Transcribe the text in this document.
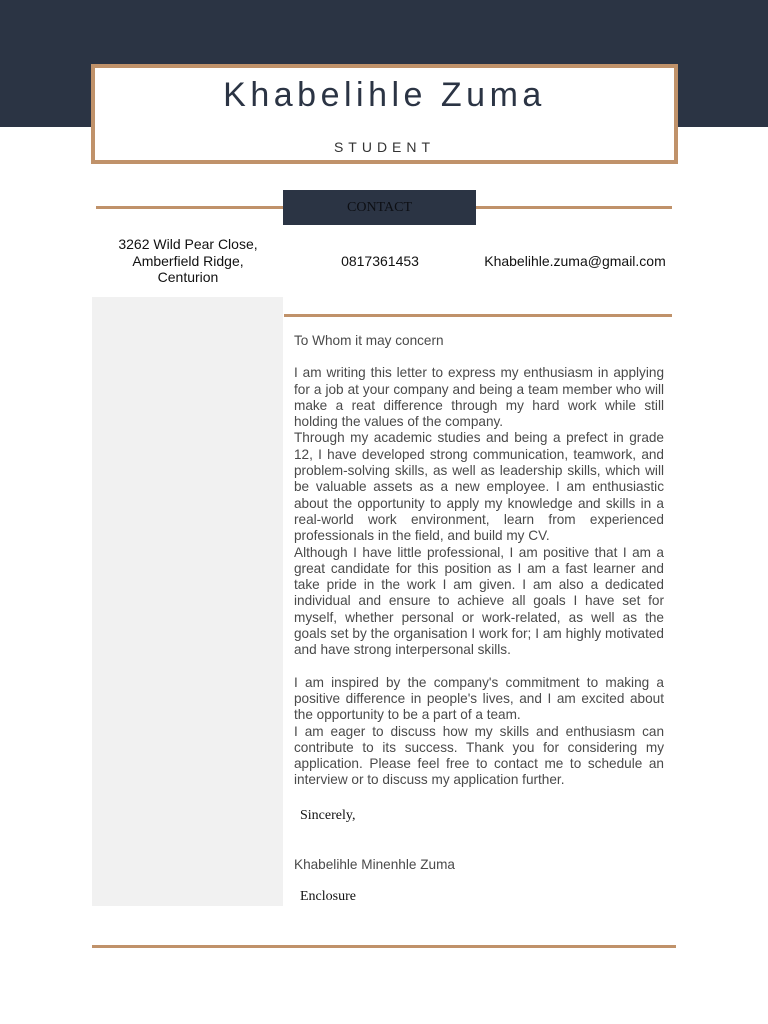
Khabelihle Zuma
STUDENT
CONTACT
3262 Wild Pear Close, Amberfield Ridge, Centurion
0817361453	Khabelihle.zuma@gmail.com

To Whom it may concern

I am writing this letter to express my enthusiasm in applying for a job at your company and being a team member who will make a reat difference through my hard work while still holding the values of the company.

Through my academic studies and being a prefect in grade 12, I have developed strong communication, teamwork, and problem-solving skills, as well as leadership skills, which will be valuable assets as a new employee. I am enthusiastic about the opportunity to apply my knowledge and skills in a real-world work environment, learn from experienced professionals in the field, and build my CV.

Although I have little professional, I am positive that I am a great candidate for this position as I am a fast learner and take pride in the work I am given. I am also a dedicated individual and ensure to achieve all goals I have set for myself, whether personal or work-related, as well as the goals set by the organisation I work for; I am highly motivated and have strong interpersonal skills.

I am inspired by the company's commitment to making a positive difference in people's lives, and I am excited about the opportunity to be a part of a team.

I am eager to discuss how my skills and enthusiasm can contribute to its success. Thank you for considering my application. Please feel free to contact me to schedule an interview or to discuss my application further.

Sincerely,
Khabelihle Minenhle Zuma
Enclosure
